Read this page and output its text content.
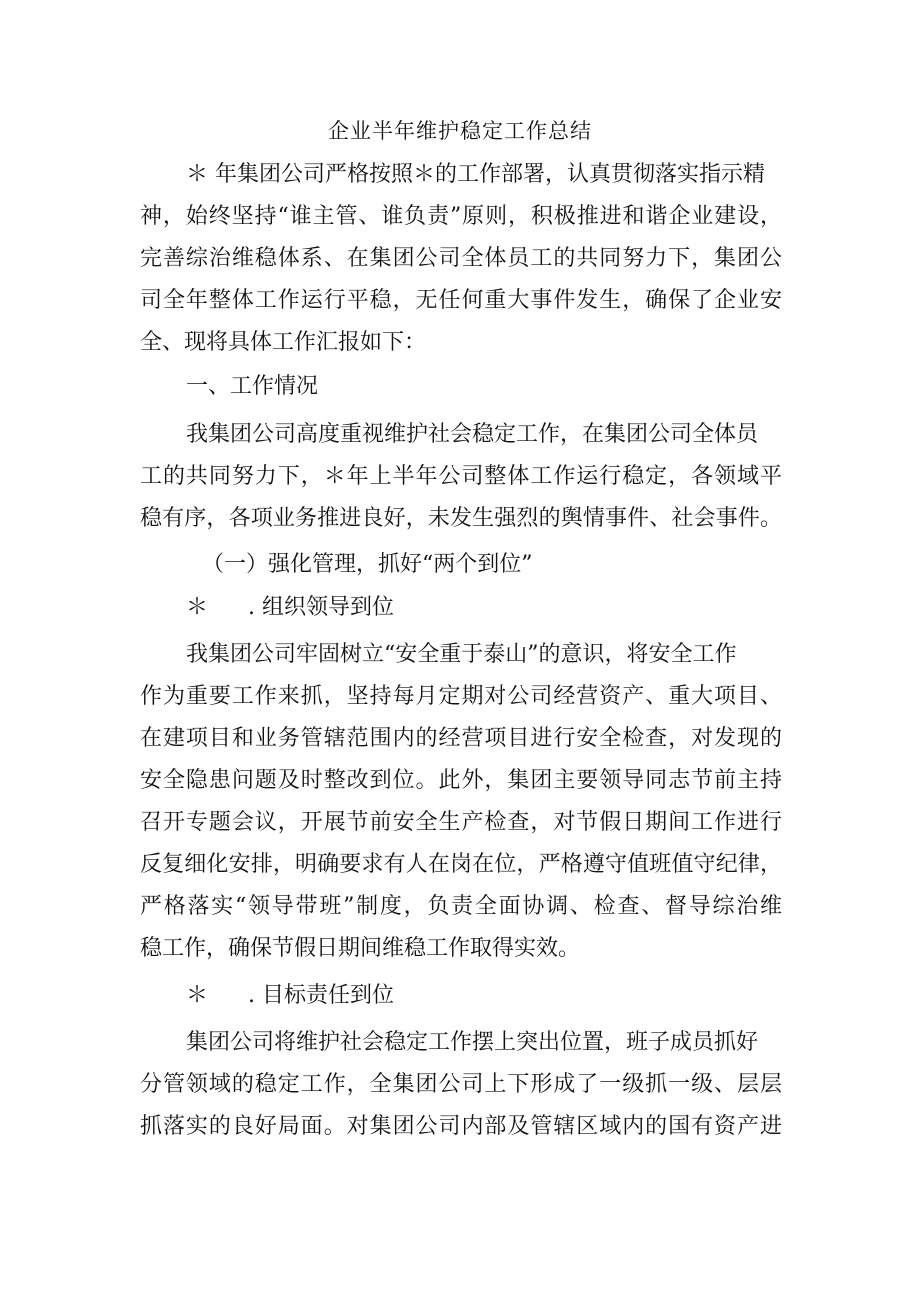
企业半年维护稳定工作总结
＊ 年集团公司严格按照＊的工作部署，认真贯彻落实指示精
神，始终坚持“谁主管、谁负责”原则，积极推进和谐企业建设，
完善综治维稳体系、在集团公司全体员工的共同努力下，集团公
司全年整体工作运行平稳，无任何重大事件发生，确保了企业安
全、现将具体工作汇报如下：
一、工作情况
我集团公司高度重视维护社会稳定工作，在集团公司全体员
工的共同努力下，＊年上半年公司整体工作运行稳定，各领域平
稳有序，各项业务推进良好，未发生强烈的舆情事件、社会事件。
（一）强化管理，抓好“两个到位”
＊ . 组织领导到位
我集团公司牢固树立“安全重于泰山”的意识，将安全工作
作为重要工作来抓，坚持每月定期对公司经营资产、重大项目、
在建项目和业务管辖范围内的经营项目进行安全检查，对发现的
安全隐患问题及时整改到位。此外，集团主要领导同志节前主持
召开专题会议，开展节前安全生产检查，对节假日期间工作进行
反复细化安排，明确要求有人在岗在位，严格遵守值班值守纪律，
严格落实“领导带班”制度，负责全面协调、检查、督导综治维
稳工作，确保节假日期间维稳工作取得实效。
＊ . 目标责任到位
集团公司将维护社会稳定工作摆上突出位置，班子成员抓好
分管领域的稳定工作，全集团公司上下形成了一级抓一级、层层
抓落实的良好局面。对集团公司内部及管辖区域内的国有资产进
